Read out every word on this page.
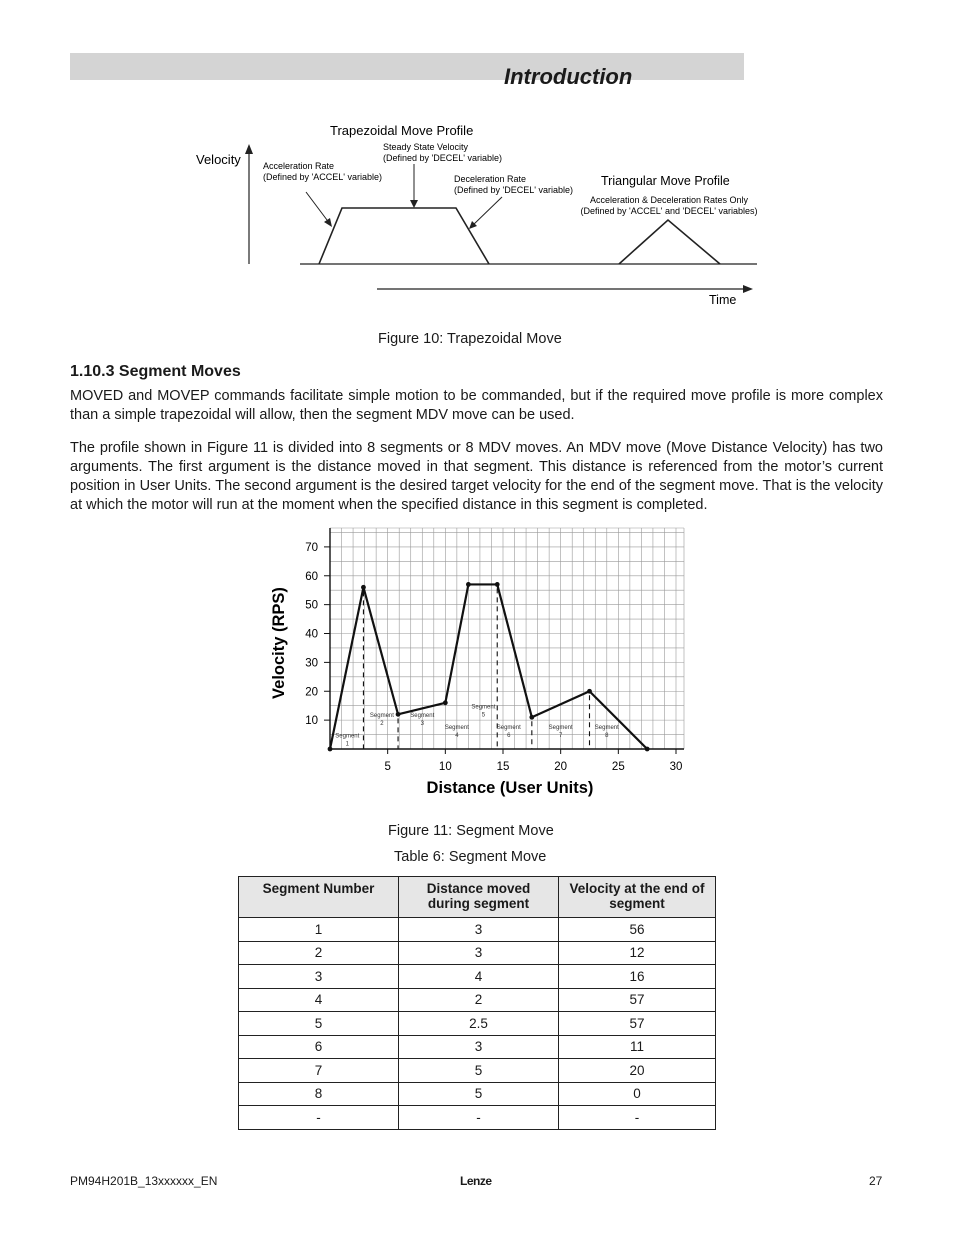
Introduction
Trapezoidal Move Profile
Velocity Acceleration Rate
(Defined by 'ACCEL' variable)
Steady State Velocity
(Defined by 'DECEL' variable)
Deceleration Rate
(Defined by 'DECEL' variable)
Triangular Move Profile
Acceleration & Deceleration Rates Only
(Defined by 'ACCEL' and 'DECEL' variables)
Time
Figure 10: Trapezoidal Move
1.10.3 Segment Moves

MOVED and MOVEP commands facilitate simple motion to be commanded, but if the required move profile is more complex than a simple trapezoidal will allow, then the segment MDV move can be used.

The profile shown in Figure 11 is divided into 8 segments or 8 MDV moves. An MDV move (Move Distance Velocity) has two arguments. The first argument is the distance moved in that segment. This distance is referenced from the motor’s current position in User Units. The second argument is the desired target velocity for the end of the segment move. That is the velocity at which the motor will run at the moment when the specified distance in this segment is completed.

10
20
30
40
50
60
70
5	10	15	20	25	30
Segment
1
Segment
2
Segment
3
Segment
4
Segment
5
Segment
6
Segment
7
Segment
8
Velocity (RPS)
Distance (User Units)
Figure 11: Segment Move
Table 6: Segment Move
Segment Number	Distance moved during segment	Velocity at the end of segment
1	3	56
2	3	12
3	4	16
4	2	57
5	2.5	57
6	3	11
7	5	20
8	5	0
-	-	-
PM94H201B_13xxxxxx_EN	Lenze	27
